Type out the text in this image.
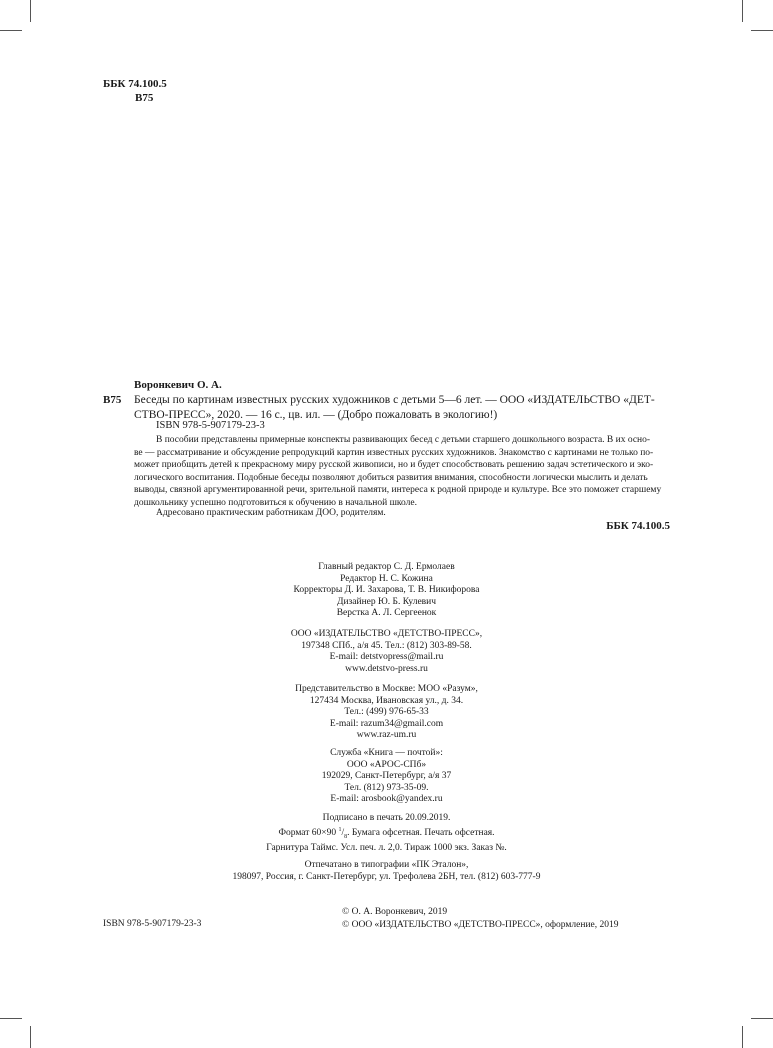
ББК 74.100.5
В75
Воронкевич О. А.
В75 Беседы по картинам известных русских художников с детьми 5—6 лет. — ООО «ИЗДАТЕЛЬСТВО «ДЕТ-
СТВО-ПРЕСС», 2020. — 16 с., цв. ил. — (Добро пожаловать в экологию!)
ISBN 978-5-907179-23-3
В пособии представлены примерные конспекты развивающих бесед с детьми старшего дошкольного возраста. В их осно-
ве — рассматривание и обсуждение репродукций картин известных русских художников. Знакомство с картинами не только по-
может приобщить детей к прекрасному миру русской живописи, но и будет способствовать решению задач эстетического и эко-
логического воспитания. Подобные беседы позволяют добиться развития внимания, способности логически мыслить и делать
выводы, связной аргументированной речи, зрительной памяти, интереса к родной природе и культуре. Все это поможет старшему
дошкольнику успешно подготовиться к обучению в начальной школе.
Адресовано практическим работникам ДОО, родителям.
ББК 74.100.5
Главный редактор С. Д. Ермолаев
Редактор Н. С. Кожина
Корректоры Д. И. Захарова, Т. В. Никифорова
Дизайнер Ю. Б. Кулевич
Верстка А. Л. Сергеенок
ООО «ИЗДАТЕЛЬСТВО «ДЕТСТВО-ПРЕСС»,
197348 СПб., а/я 45. Тел.: (812) 303-89-58.
E-mail: detstvopress@mail.ru
www.detstvo-press.ru
Представительство в Москве: МОО «Разум»,
127434 Москва, Ивановская ул., д. 34.
Тел.: (499) 976-65-33
E-mail: razum34@gmail.com
www.raz-um.ru
Служба «Книга — почтой»:
ООО «АРОС-СПб»
192029, Санкт-Петербург, а/я 37
Тел. (812) 973-35-09.
E-mail: arosbook@yandex.ru
Подписано в печать 20.09.2019.
Формат 60×90 $^1/_8$. Бумага офсетная. Печать офсетная.
Гарнитура Таймс. Усл. печ. л. 2,0. Тираж 1000 экз. Заказ №.
Отпечатано в типографии «ПК Эталон»,
198097, Россия, г. Санкт-Петербург, ул. Трефолева 2БН, тел. (812) 603-777-9
ISBN 978-5-907179-23-3
© О. А. Воронкевич, 2019
© ООО «ИЗДАТЕЛЬСТВО «ДЕТСТВО-ПРЕСС», оформление, 2019
